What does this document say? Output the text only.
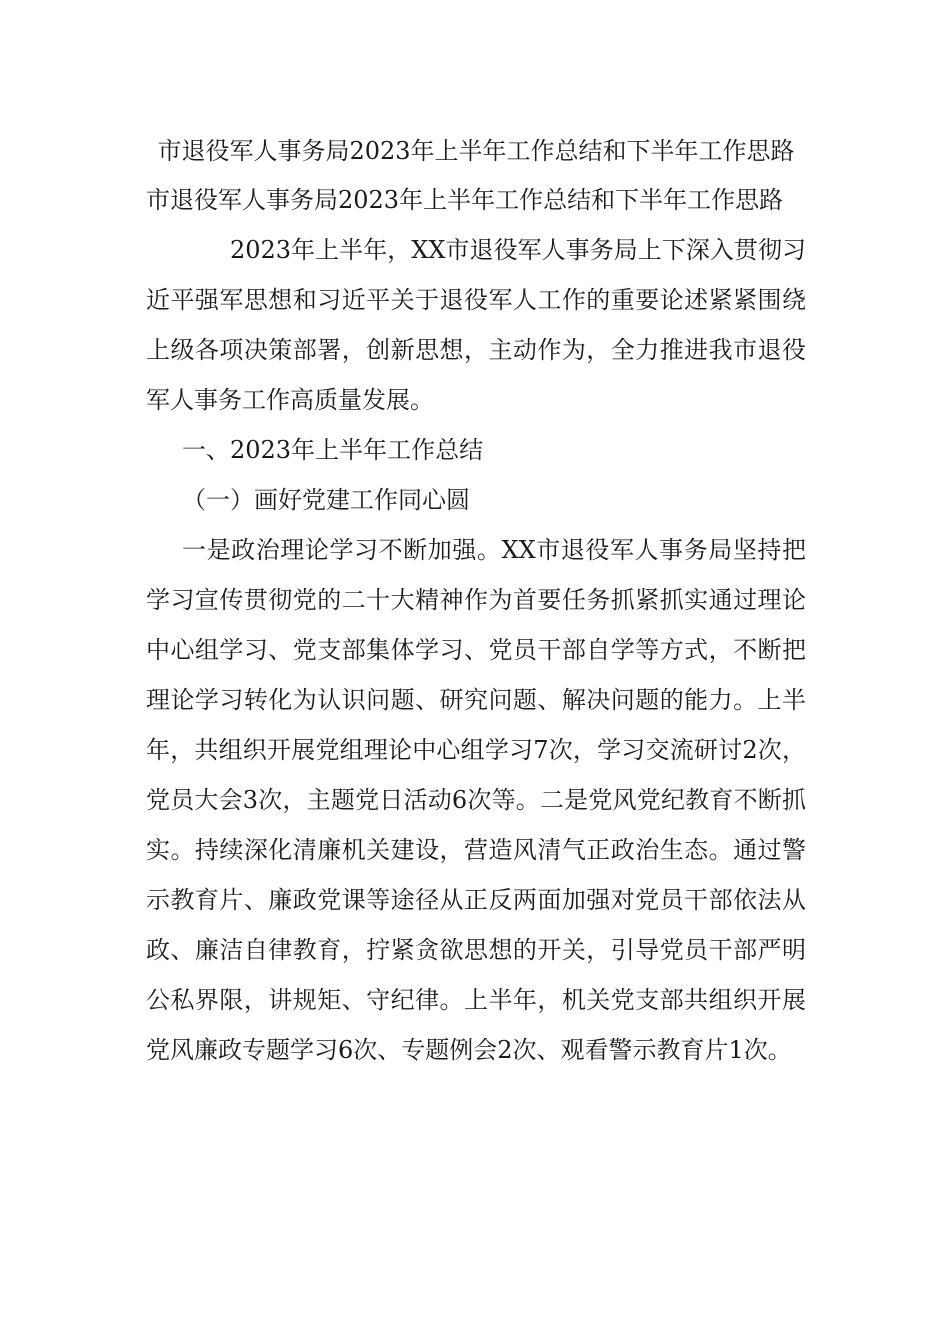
市退役军人事务局2023年上半年工作总结和下半年工作思路

市退役军人事务局2023年上半年工作总结和下半年工作思路

2023年上半年，XX市退役军人事务局上下深入贯彻习近平强军思想和习近平关于退役军人工作的重要论述紧紧围绕上级各项决策部署，创新思想，主动作为，全力推进我市退役军人事务工作高质量发展。

一、2023年上半年工作总结

（一）画好党建工作同心圆

一是政治理论学习不断加强。XX市退役军人事务局坚持把学习宣传贯彻党的二十大精神作为首要任务抓紧抓实通过理论中心组学习、党支部集体学习、党员干部自学等方式，不断把理论学习转化为认识问题、研究问题、解决问题的能力。上半年，共组织开展党组理论中心组学习7次，学习交流研讨2次，党员大会3次，主题党日活动6次等。二是党风党纪教育不断抓实。持续深化清廉机关建设，营造风清气正政治生态。通过警示教育片、廉政党课等途径从正反两面加强对党员干部依法从政、廉洁自律教育，拧紧贪欲思想的开关，引导党员干部严明公私界限，讲规矩、守纪律。上半年，机关党支部共组织开展党风廉政专题学习6次、专题例会2次、观看警示教育片1次。
